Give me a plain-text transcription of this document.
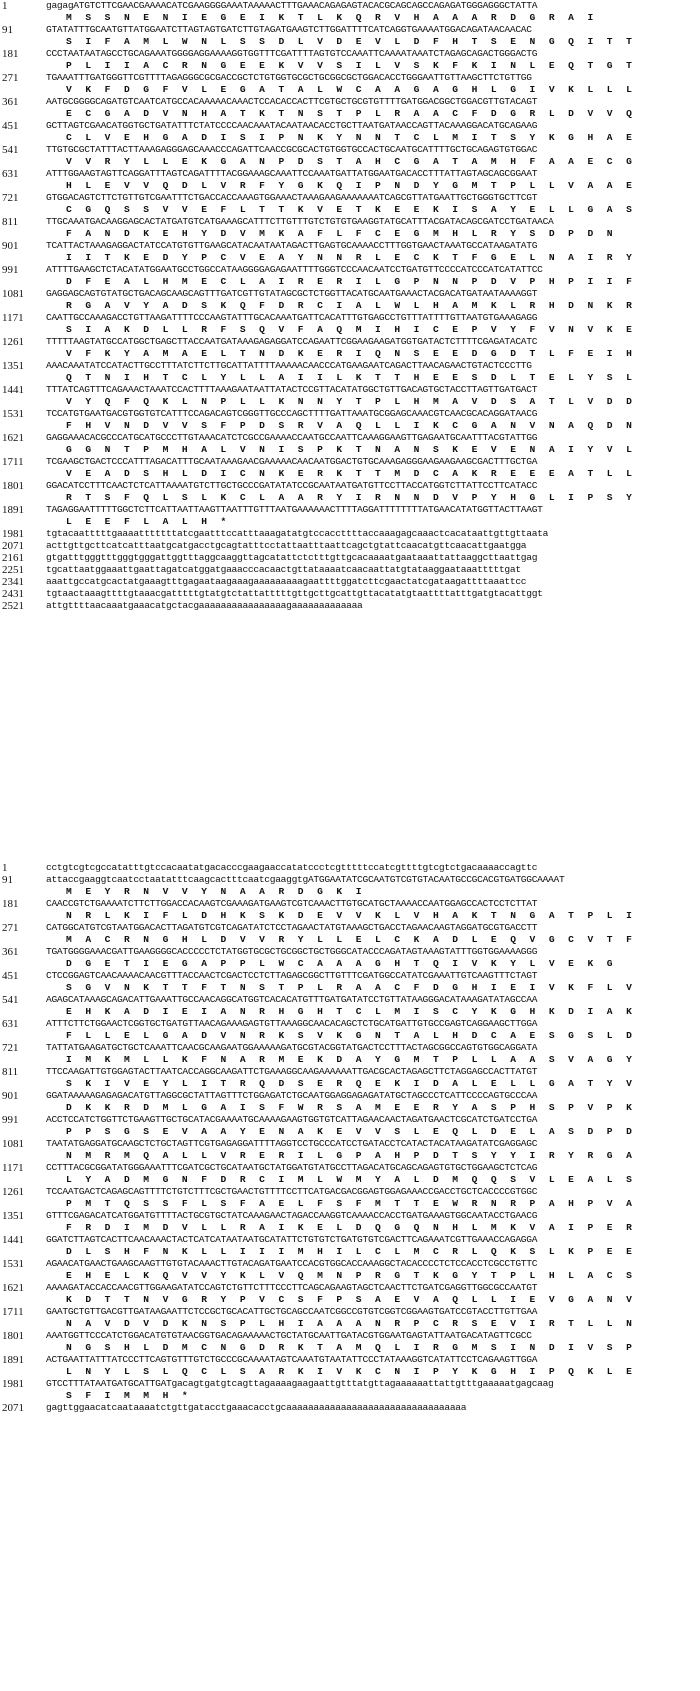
1	gagagATGTCTTCGAACGAAAACATCGAAGGGGAAATAAAAACTTTGAAACAGAGAGTACACGCAGCAGCCAGAGATGGGAGGGCTATTA
M S S N E N I E G E I K T L K Q R V H A A A R D G R A I
91	GTATATTTGCAATGTTATGGAATCTTAGTAGTGATCTTGTAGATGAAGTCTTGGATTTTCATCAGGTGAAAATGGACAGATAACAACAC
S I F A M L W N L S S D L V D E V L D F H T S E N G Q I T T
181	CCCTAATAATAGCCTGCAGAAATGGGGAGGAAAAGGTGGTTTCGATTTTAGTGTCCAAATTCAAAATAAATCTAGAGCAGACTGGGACTG
P L I I A C R N G E E K V V S I L V S K F K I N L E Q T G T
271	TGAAATTTGATGGGTTCGTTTTAGAGGGCGCGACCGCTCTGTGGTGCGCTGCGGCGCTGGACACCTGGGAATTGTTAAGCTTCTGTTGG
V K F D G F V L E G A T A L W C A A G A G H L G I V K L L L
361	AATGCGGGGCAGATGTCAATCATGCCACAAAAACAAACTCCACACCACTTCGTGCTGCGTGTTTTGATGGACGGCTGGACGTTGTACAGT
E C G A D V N H A T K T N S T P L R A A C F D G R L D V V Q
451	GCTTAGTCGAACATGGTGCTGATATTTCTATCCCCAACAAATACAATAACACCTGCTTAATGATAACCAGTTACAAAGGACATGCAGAAG
C L V E H G A D I S I P N K Y N N T C L M I T S Y K G H A E
541	TTGTGCGCTATTTACTTAAAGAGGGAGCAAACCCAGATTCAACCGCGCACTGTGGTGCCACTGCAATGCATTTTGCTGCAGAGTGTGGAC
V V R Y L L E K G A N P D S T A H C G A T A M H F A A E C G
631	ATTTGGAAGTAGTTCAGGATTTAGTCAGATTTTACGGAAAGCAAATTCCAAATGATTATGGAATGACACCTTTATTAGTAGCAGCGGAAT
H L E V V Q D L V R F Y G K Q I P N D Y G M T P L L V A A E
721	GTGGACAGTCTTCTGTTGTCGAATTTCTGACCACCAAAGTGGAAACTAAAGAAGAAAAAAATCAGCGTTATGAATTGCTGGGTGCTTCGT
C G Q S S V V E F L T T K V E T K E E K I S A Y E L L G A S
811	TTGCAAATGACAAGGAGCACTATGATGTCATGAAAGCATTTCTTGTTTGTCTGTGTGAAGGTATGCATTTACGATACAGCGATCCTGATAACA
F A N D K E H Y D V M K A F L F C E G M H L R Y S D P D N
901	TCATTACTAAAGAGGACTATCCATGTGTTGAAGCATACAATAATAGACTTGAGTGCAAAACCTTTGGTGAACTAAATGCCATAAGATATG
I I T K E D Y P C V E A Y N N R L E C K T F G E L N A I R Y
991	ATTTTGAAGCTCTACATATGGAATGCCTGGCCATAAGGGGAGAGAATTTTGGGTCCCAACAATCCTGATGTTCCCCATCCCATCATATTCC
D F E A L H M E C L A I R E R I L G P N N P D V P H P I I F
1081	GAGGAGCAGTGTATGCTGACAGCAAGCAGTTTGATCGTTGTATAGCGCTCTGGTTACATGCAATGAAACTACGACATGATAATAAAAGGT
R G A V Y A D S K Q F D R C I A L W L H A M K L R H D N K R
1171	CAATTGCCAAAGACCTGTTAAGATTTTCCCAAGTATTTGCACAAATGATTCACATTTGTGAGCCTGTTTATTTTGTTAATGTGAAAGAGG
S I A K D L L R F S Q V F A Q M I H I C E P V Y F V N V K E
1261	TTTTTAAGTATGCCATGGCTGAGCTTACCAATGATAAAGAGAGGATCCAGAATTCGGAAGAAGATGGTGATACTCTTTTCGAGATACATC
V F K Y A M A E L T N D K E R I Q N S E E D G D T L F E I H
1351	AAACAAATATCCATACTTGCCTTTATCTTCTTGCATTATTTTAAAAACAACCCATGAAGAATCAGACTTAACAGAACTGTACTCCCTTG
Q T N I H T C L Y L L A I I L K T T H E E S D L T E L Y S L
1441	TTTATCAGTTTCAGAAACTAAATCCACTTTTAAAGAATAATTATACTCCGTTACATATGGCTGTTGACAGTGCTACCTTAGTTGATGACT
V Y Q F Q K L N P L L K N N Y T P L H M A V D S A T L V D D
1531	TCCATGTGAATGACGTGGTGTCATTTCCAGACAGTCGGGTTGCCCAGCTTTTGATTAAATGCGGAGCAAACGTCAACGCACAGGATAACG
F H V N D V V S F P D S R V A Q L L I K C G A N V N A Q D N
1621	GAGGAAACACGCCCATGCATGCCCTTGTAAACATCTCGCCGAAAACCAATGCCAATTCAAAGGAAGTTGAGAATGCAATTTACGTATTGG
G G N T P M H A L V N I S P K T N A N S K E V E N A I Y V L
1711	TCGAAGCTGACTCCCATTTAGACATTTGCAATAAAGAACGAAAAACAACAATGGACTGTGCAAAGAGGGAAGAAGAAGCGACTTTGCTGA
V E A D S H L D I C N K E R K T T M D C A K R E E E A T L L
1801	GGACATCCTTTCAACTCTCATTAAAATGTCTTGCTGCCCGATATATCCGCAATAATGATGTTCCTTACCATGGTCTTATTCCTTCATACC
R T S F Q L S L K C L A A R Y I R N N D V P Y H G L I P S Y
1891	TAGAGGAATTTTTGGCTCTTCATTAATTAAGTTAATTTGTTTAATGAAAAAACTTTTAGGATTTTTTTTATGAACATATGGTTACTTAAGT
L E E F L A L H *
1981	tgtacaatttttgaaaatttttttatcgaatttccatttaaagatatgtccaccttttaccaaagagcaaactcacataattgttgttaata
2071	acttgttgcttcatcatttaatgcatgacctgcagtatttcctattaatttaattcagctgtattcaacatgttcaacattgaatgga
2161	gtgatttgggtttgggtgggattggtttaggcaaggttagcatattctctttgttgcacaaaatgaataaattattaaggcttaattgag
2251	tgcattaatggaaattgaattagatcatggatgaaacccacaactgttataaaatcaacaattatgtataaggaataaatttttgat
2341	aaattgccatgcactatgaaagtttgagaataagaaagaaaaaaaaagaattttggatcttcgaactatcgataagattttaaattcc
2431	tgtaactaaagttttgtaaacgatttttgtatgtctattatttttgttgcttgcattgttacatatgtaattttatttgatgtacattggt
2521	attgttttaacaaatgaaacatgctacgaaaaaaaaaaaaaaaagaaaaaaaaaaaaa
1	cctgtcgtcgccatatttgtccacaatatgacacccgaagaaccatatccctcgtttttccatcgttttgtcgtctgacaaaaccagttc
91	attaccgaaggtcaatcctaatatttcaagcactttcaatcgaaggtgATGGAATATCGCAATGTCGTGTACAATGCCGCACGTGATGGCAAAAT
M E Y R N V V Y N A A R D G K I
181	CAACCGTCTGAAAATCTTCTTGGACCACAAGTCGAAAGATGAAGTCGTCAAACTTGTGCATGCTAAAACCAATGGAGCCACTCCTCTTAT
N R L K I F L D H K S K D E V V K L V H A K T N G A T P L I
271	CATGGCATGTCGTAATGGACACTTAGATGTCGTCAGATATCTCCTAGAACTATGTAAAGCTGACCTAGAACAAGTAGGATGCGTGACCTT
M A C R N G H L D V V R Y L L E L C K A D L E Q V G C V T F
361	TGATGGGGAAACGATTGAAGGGGCACCCCCTCTATGGTGCGCTGCGGCTGCTGGGCATACCCAGATAGTAAAGTATTTGGTGGAAAAGGG
D G E T I E G A P P L W C A A A G H T Q I V K Y L V E K G
451	CTCCGGAGTCAACAAAACAACGTTTACCAACTCGACTCCTCTTAGAGCGGCTTGTTTCGATGGCCATATCGAAATTGTCAAGTTTCTAGT
S G V N K T T F T N S T P L R A A C F D G H I E I V K F L V
541	AGAGCATAAAGCAGACATTGAAATTGCCAACAGGCATGGTCACACATGTTTGATGATATCCTGTTATAAGGGACATAAAGATATAGCCAA
E H K A D I E I A N R H G H T C L M I S C Y K G H K D I A K
631	ATTTCTTCTGGAACTCGGTGCTGATGTTAACAGAAAGAGTGTTAAAGGCAACACAGCTCTGCATGATTGTGCCGAGTCAGGAAGCTTGGA
F L L E L G A D V N R K S V K G N T A L H D C A E S G S L D
721	TATTATGAAGATGCTGCTCAAATTCAACGCAAGAATGGAAAAAGATGCGTACGGTATGACTCCTTTACTAGCGGCCAGTGTGGCAGGATA
I M K M L L K F N A R M E K D A Y G M T P L L A A S V A G Y
811	TTCCAAGATTGTGGAGTACTTAATCACCAGGCAAGATTCTGAAAGGCAAGAAAAAATTGACGCACTAGAGCTTCTAGGAGCCACTTATGT
S K I V E Y L I T R Q D S E R Q E K I D A L E L L G A T Y V
901	GGATAAAAAGAGAGACATGTTAGGCGCTATTAGTTTCTGGAGATCTGCAATGGAGGAGAGATATGCTAGCCCTCATTCCCCAGTGCCCAA
D K K R D M L G A I S F W R S A M E E R Y A S P H S P V P K
991	ACCTCCATCTGGTTCTGAAGTTGCTGCATACGAAAATGCAAAAGAAGTGGTGTCATTAGAACAACTAGATGAACTCGCATCTGATCCTGA
P P S G S E V A A Y E N A K E V V S L E Q L D E L A S D P D
1081	TAATATGAGGATGCAAGCTCTGCTAGTTCGTGAGAGGATTTTAGGTCCTGCCCATCCTGATACCTCATACTACATAAGATATCGAGGAGC
N M R M Q A L L V R E R I L G P A H P D T S Y Y I R Y R G A
1171	CCTTTACGCGGATATGGGAAATTTCGATCGCTGCATAATGCTATGGATGTATGCCTTAGACATGCAGCAGAGTGTGCTGGAAGCTCTCAG
L Y A D M G N F D R C I M L W M Y A L D M Q Q S V L E A L S
1261	TCCAATGACTCAGAGCAGTTTTCTGTCTTTCGCTGAACTGTTTTCCTTCATGACGACGGAGTGGAGAAACCGACCTGCTCACCCCGTGGC
P M T Q S S F L S F A E L F S F M T T E W R N R P A H P V A
1351	GTTTCGAGACATCATGGATGTTTTACTGCGTGCTATCAAAGAACTAGACCAAGGTCAAAACCACCTGATGAAAGTGGCAATACCTGAACG
F R D I M D V L L R A I K E L D Q G Q N H L M K V A I P E R
1441	GGATCTTAGTCACTTCAACAAACTACTCATCATAATAATGCATATTCTGTGTCTGATGTGTCGACTTCAGAAATCGTTGAAACCAGAGGA
D L S H F N K L L I I I M H I L C L M C R L Q K S L K P E E
1531	AGAACATGAACTGAAGCAAGTTGTGTACAAACTTGTACAGATGAATCCACGTGGCACCAAAGGCTACACCCCTCTCCACCTCGCCTGTTC
E H E L K Q V V Y K L V Q M N P R G T K G Y T P L H L A C S
1621	AAAAGATACCACCAACGTTGGAAGATATCCAGTCTGTTCTTTCCCTTCAGCAGAAGTAGCTCAACTTCTGATCGAGGTTGGCGCCAATGT
K D T T N V G R Y P V C S F P S A E V A Q L L I E V G A N V
1711	GAATGCTGTTGACGTTGATAAGAATTCTCCGCTGCACATTGCTGCAGCCAATCGGCCGTGTCGGTCGGAAGTGATCCGTACCTTGTTGAA
N A V D V D K N S P L H I A A A N R P C R S E V I R T L L N
1801	AAATGGTTCCCATCTGGACATGTGTAACGGTGACAGAAAAACTGCTATGCAATTGATACGTGGAATGAGTATTAATGACATAGTTCGCC
N G S H L D M C N G D R K T A M Q L I R G M S I N D I V S P
1891	ACTGAATTATTTATCCCTTCAGTGTTTGTCTGCCCGCAAAATAGTCAAATGTAATATTCCCTATAAAGGTCATATTCCTCAGAAGTTGGA
L N Y L S L Q C L S A R K I V K C N I P Y K G H I P Q K L E
1981	GTCCTTTATAATGATGCATTGATgacagtgatgtcagttagaaaagaagaattgtttatgttagaaaaaattattgtttgaaaaatgagcaag
S F I M M H *
2071	gagttggaacatcaataaaatctgttgatacctgaaacacctgcaaaaaaaaaaaaaaaaaaaaaaaaaaaaaaaaa
